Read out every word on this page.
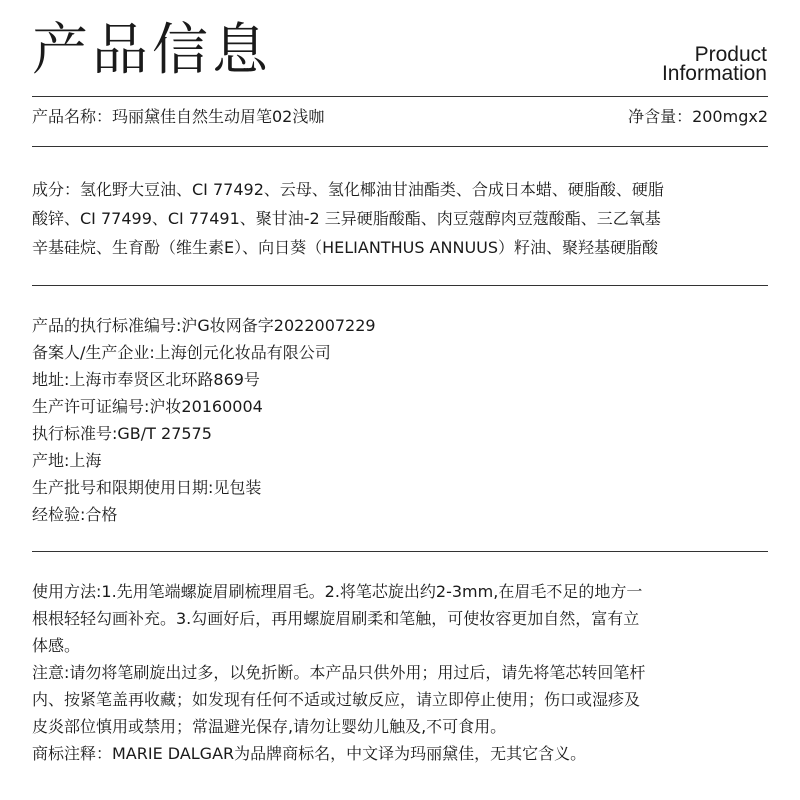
产品信息	Product
Information
产品名称：玛丽黛佳自然生动眉笔02浅咖	净含量：200mgx2
成分：氢化野大豆油、CI 77492、云母、氢化椰油甘油酯类、合成日本蜡、硬脂酸、硬脂
酸锌、CI 77499、CI 77491、聚甘油-2 三异硬脂酸酯、肉豆蔻醇肉豆蔻酸酯、三乙氧基
辛基硅烷、生育酚（维生素E）、向日葵（HELIANTHUS ANNUUS）籽油、聚羟基硬脂酸
产品的执行标准编号:沪G妆网备字2022007229
备案人/生产企业:上海创元化妆品有限公司
地址:上海市奉贤区北环路869号
生产许可证编号:沪妆20160004
执行标准号:GB/T 27575
产地:上海
生产批号和限期使用日期:见包装
经检验:合格
使用方法:1.先用笔端螺旋眉刷梳理眉毛。2.将笔芯旋出约2-3mm,在眉毛不足的地方一
根根轻轻勾画补充。3.勾画好后，再用螺旋眉刷柔和笔触，可使妆容更加自然，富有立
体感。
注意:请勿将笔刷旋出过多，以免折断。本产品只供外用；用过后，请先将笔芯转回笔杆
内、按紧笔盖再收藏；如发现有任何不适或过敏反应，请立即停止使用；伤口或湿疹及
皮炎部位慎用或禁用；常温避光保存,请勿让婴幼儿触及,不可食用。
商标注释：MARIE DALGAR为品牌商标名，中文译为玛丽黛佳，无其它含义。
